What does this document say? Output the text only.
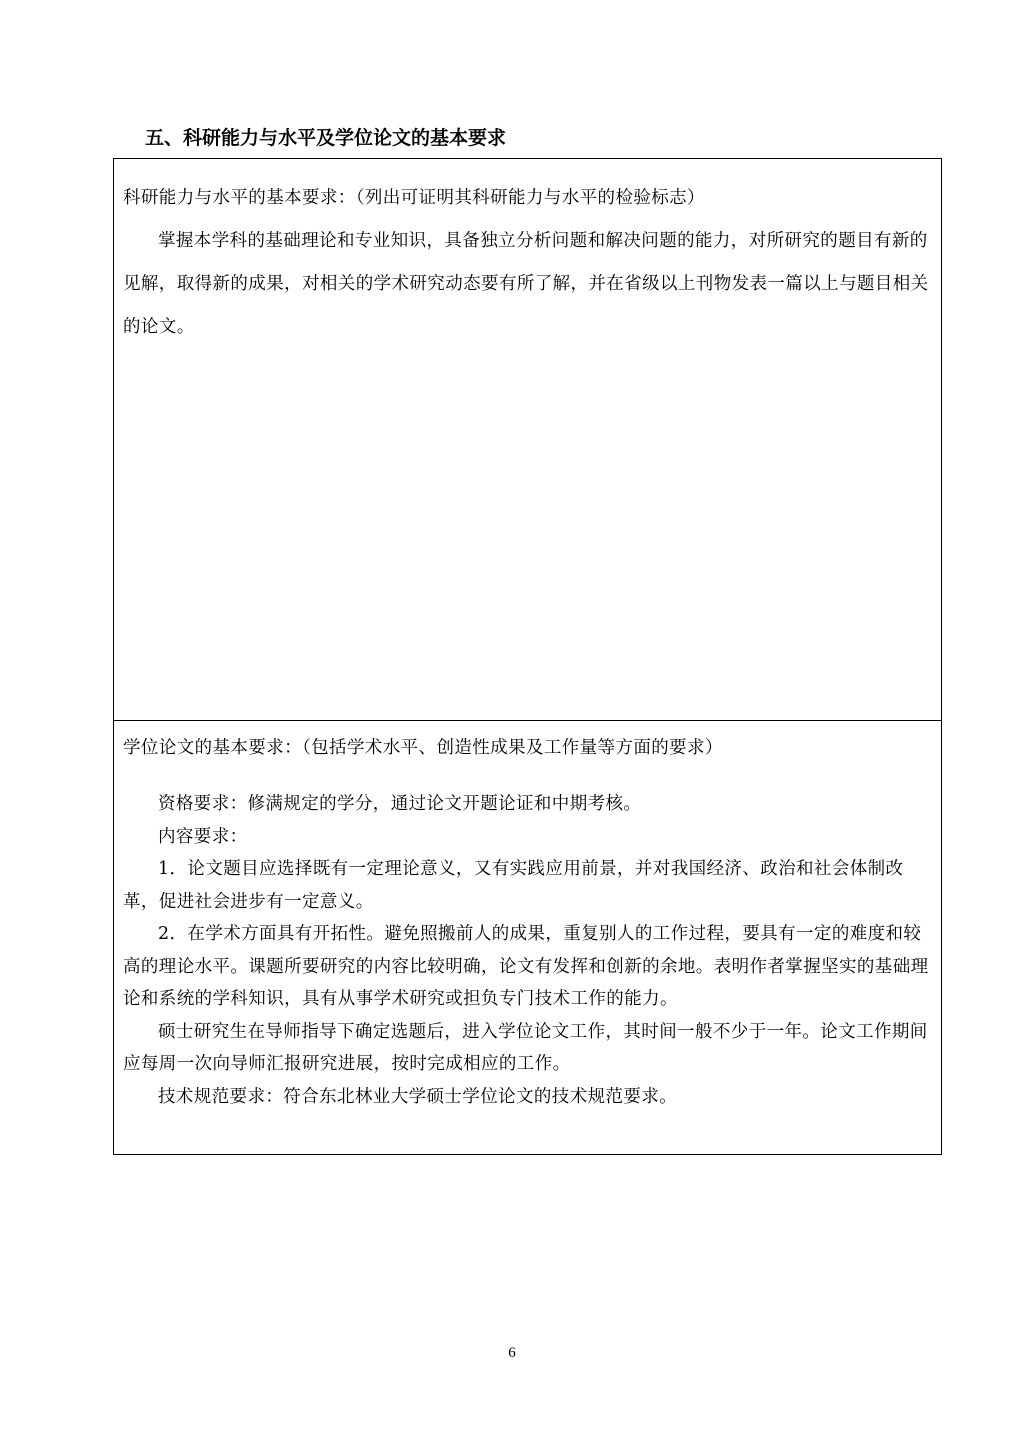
五、科研能力与水平及学位论文的基本要求

科研能力与水平的基本要求：（列出可证明其科研能力与水平的检验标志）

掌握本学科的基础理论和专业知识，具备独立分析问题和解决问题的能力，对所研究的题目有新的见解，取得新的成果，对相关的学术研究动态要有所了解，并在省级以上刊物发表一篇以上与题目相关的论文。

学位论文的基本要求：（包括学术水平、创造性成果及工作量等方面的要求）

资格要求：修满规定的学分，通过论文开题论证和中期考核。

内容要求：

1．论文题目应选择既有一定理论意义，又有实践应用前景，并对我国经济、政治和社会体制改革，促进社会进步有一定意义。

2．在学术方面具有开拓性。避免照搬前人的成果，重复别人的工作过程，要具有一定的难度和较高的理论水平。课题所要研究的内容比较明确，论文有发挥和创新的余地。表明作者掌握坚实的基础理论和系统的学科知识，具有从事学术研究或担负专门技术工作的能力。

硕士研究生在导师指导下确定选题后，进入学位论文工作，其时间一般不少于一年。论文工作期间应每周一次向导师汇报研究进展，按时完成相应的工作。

技术规范要求：符合东北林业大学硕士学位论文的技术规范要求。

6
